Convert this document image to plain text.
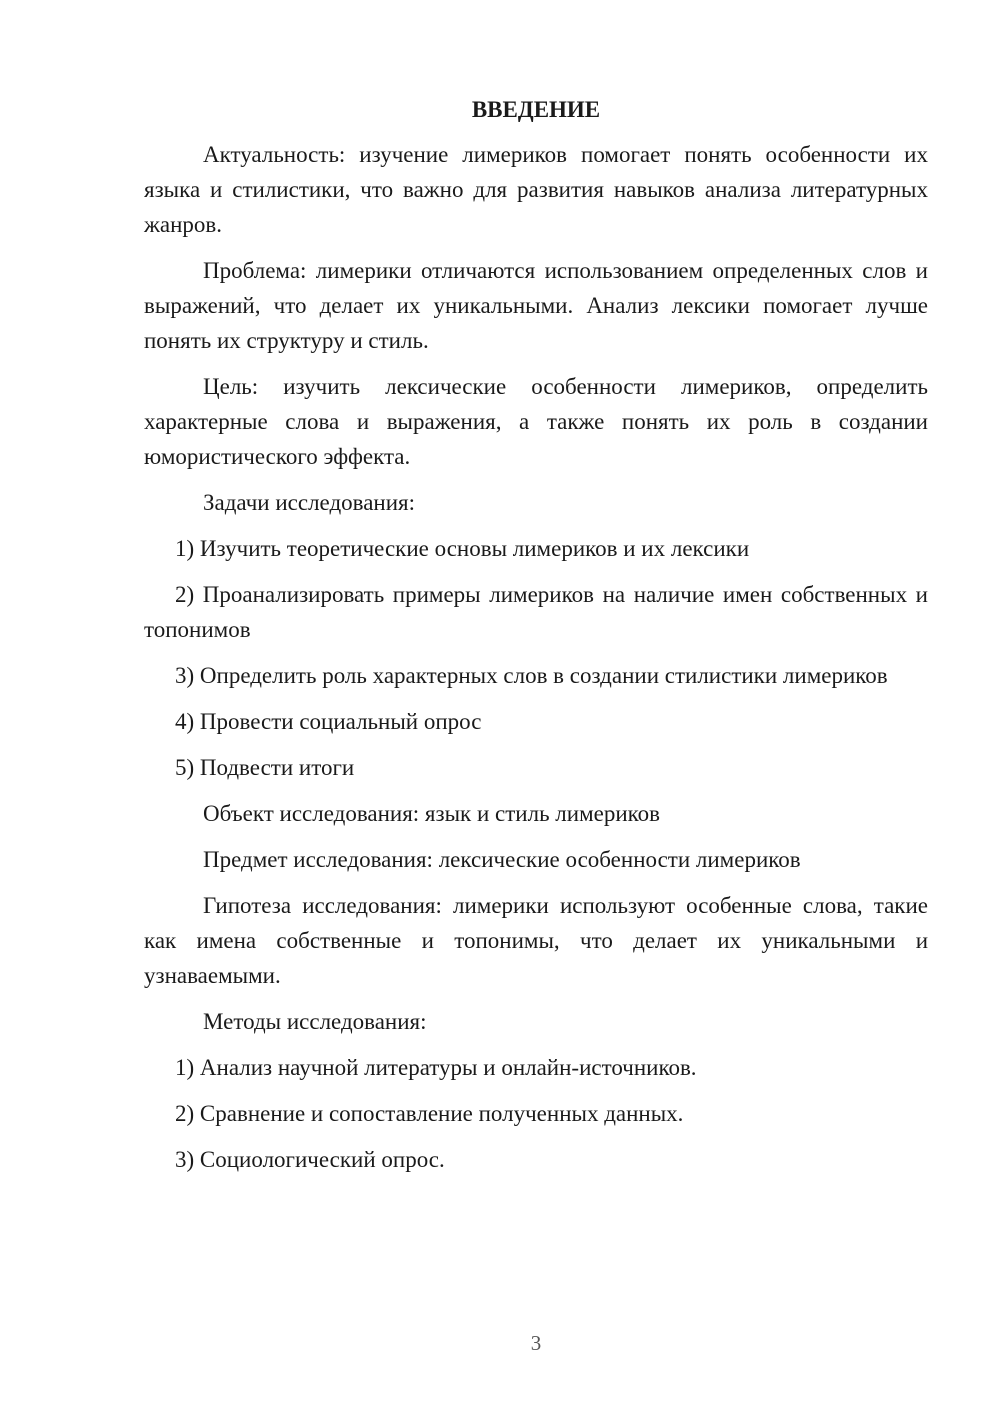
ВВЕДЕНИЕ

Актуальность: изучение лимериков помогает понять особенности их языка и стилистики, что важно для развития навыков анализа литературных жанров.

Проблема: лимерики отличаются использованием определенных слов и выражений, что делает их уникальными. Анализ лексики помогает лучше понять их структуру и стиль.

Цель: изучить лексические особенности лимериков, определить характерные слова и выражения, а также понять их роль в создании юмористического эффекта.

Задачи исследования:

1) Изучить теоретические основы лимериков и их лексики

2) Проанализировать примеры лимериков на наличие имен собственных и топонимов

3) Определить роль характерных слов в создании стилистики лимериков

4) Провести социальный опрос

5) Подвести итоги

Объект исследования: язык и стиль лимериков

Предмет исследования: лексические особенности лимериков

Гипотеза исследования: лимерики используют особенные слова, такие как имена собственные и топонимы, что делает их уникальными и узнаваемыми.

Методы исследования:

1) Анализ научной литературы и онлайн-источников.

2) Сравнение и сопоставление полученных данных.

3) Социологический опрос.

3
